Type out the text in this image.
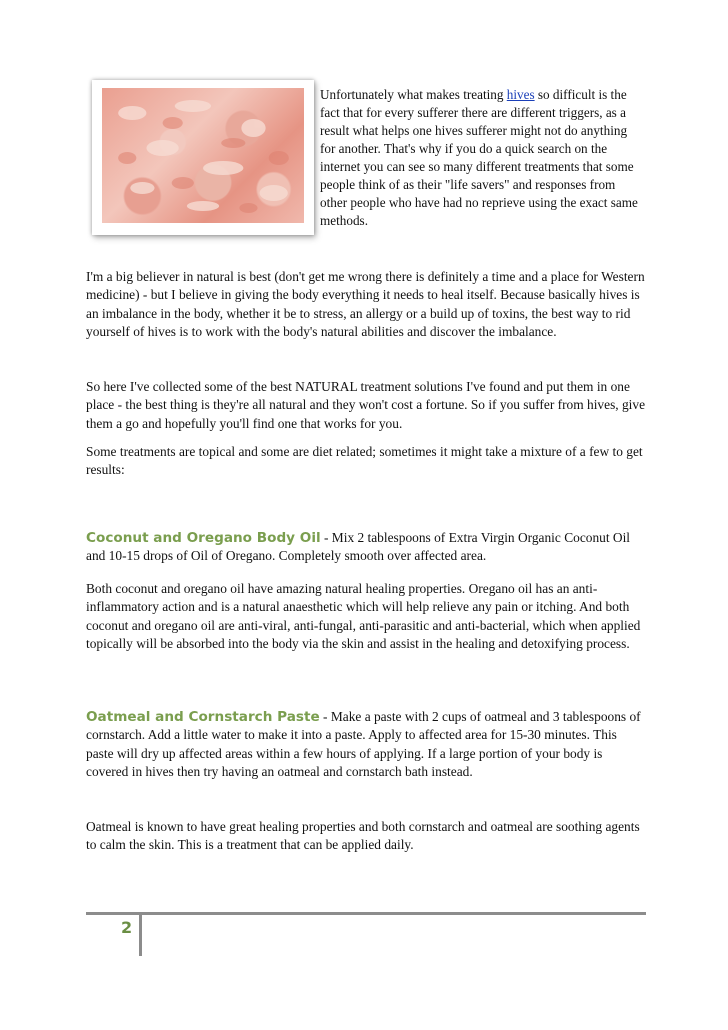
Unfortunately what makes treating hives so difficult is the fact that for every sufferer there are different triggers, as a result what helps one hives sufferer might not do anything for another. That's why if you do a quick search on the internet you can see so many different treatments that some people think of as their "life savers" and responses from other people who have had no reprieve using the exact same methods.

I'm a big believer in natural is best (don't get me wrong there is definitely a time and a place for Western medicine) - but I believe in giving the body everything it needs to heal itself. Because basically hives is an imbalance in the body, whether it be to stress, an allergy or a build up of toxins, the best way to rid yourself of hives is to work with the body's natural abilities and discover the imbalance.

So here I've collected some of the best NATURAL treatment solutions I've found and put them in one place - the best thing is they're all natural and they won't cost a fortune. So if you suffer from hives, give them a go and hopefully you'll find one that works for you.

Some treatments are topical and some are diet related; sometimes it might take a mixture of a few to get results:

Coconut and Oregano Body Oil - Mix 2 tablespoons of Extra Virgin Organic Coconut Oil and 10-15 drops of Oil of Oregano. Completely smooth over affected area.

Both coconut and oregano oil have amazing natural healing properties. Oregano oil has an anti-inflammatory action and is a natural anaesthetic which will help relieve any pain or itching. And both coconut and oregano oil are anti-viral, anti-fungal, anti-parasitic and anti-bacterial, which when applied topically will be absorbed into the body via the skin and assist in the healing and detoxifying process.

Oatmeal and Cornstarch Paste - Make a paste with 2 cups of oatmeal and 3 tablespoons of cornstarch. Add a little water to make it into a paste. Apply to affected area for 15-30 minutes. This paste will dry up affected areas within a few hours of applying. If a large portion of your body is covered in hives then try having an oatmeal and cornstarch bath instead.

Oatmeal is known to have great healing properties and both cornstarch and oatmeal are soothing agents to calm the skin. This is a treatment that can be applied daily.

2
